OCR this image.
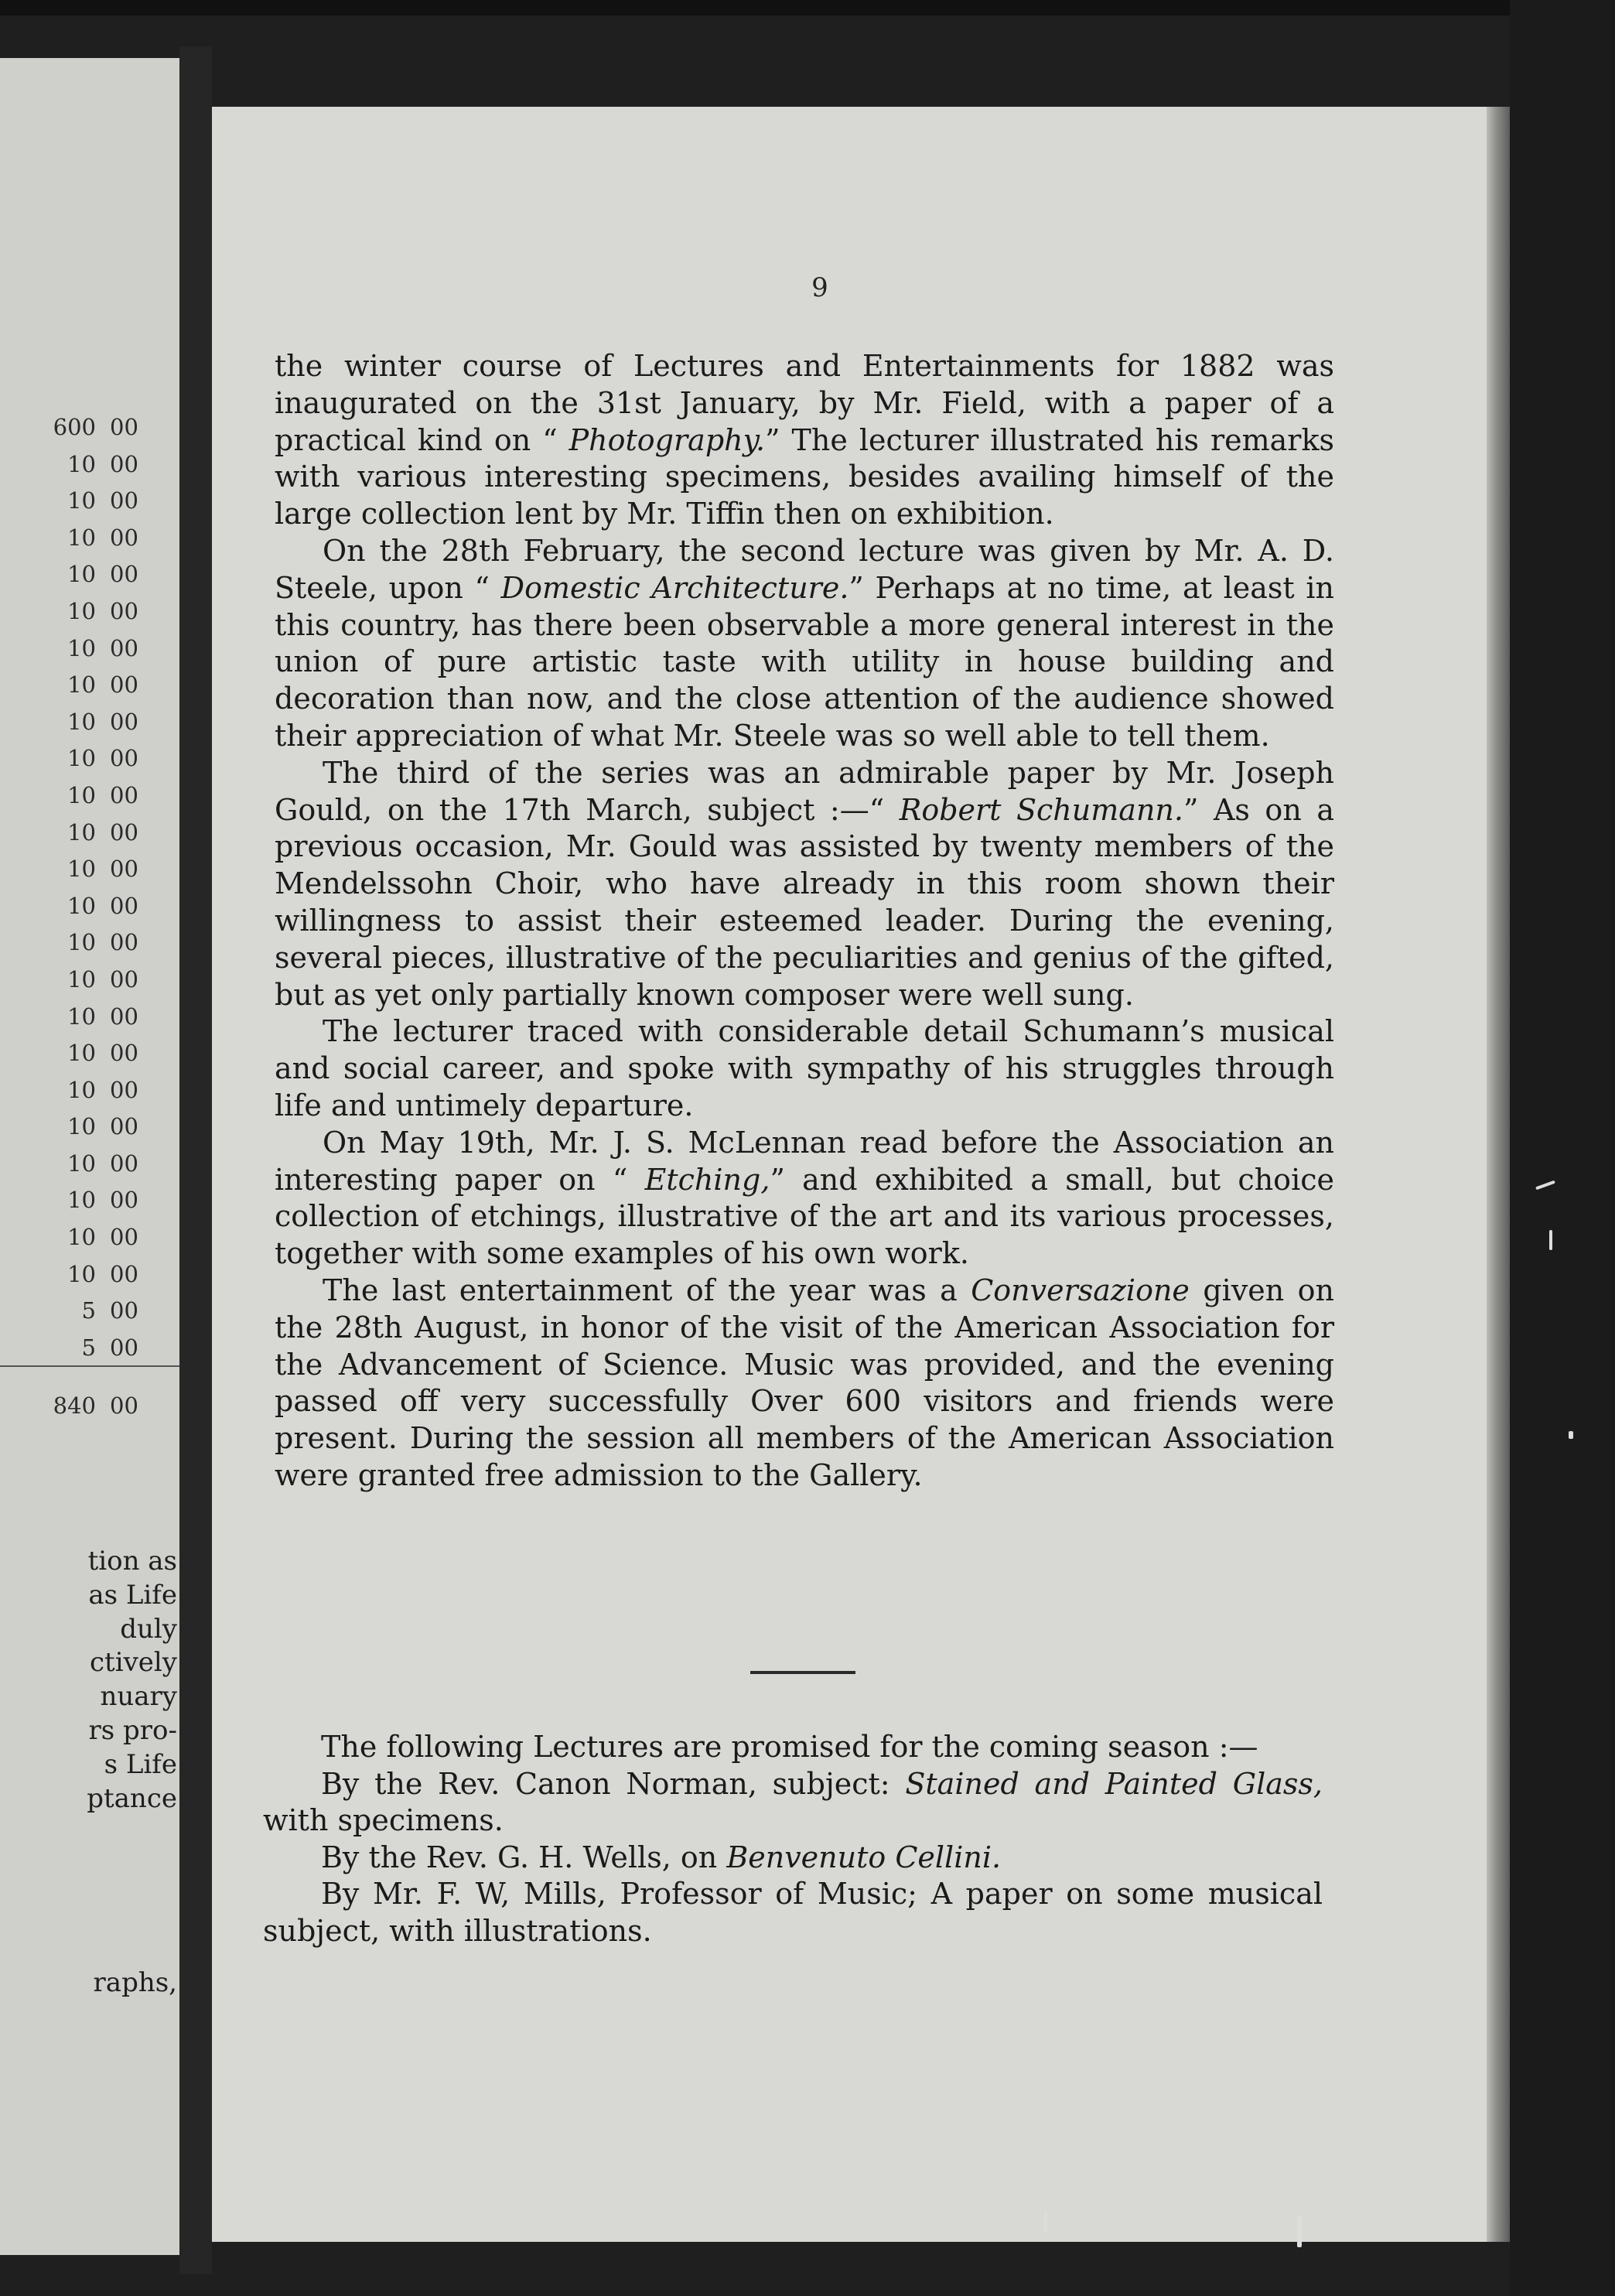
600 00
10 00
10 00
10 00
10 00
10 00
10 00
10 00
10 00
10 00
10 00
10 00
10 00
10 00
10 00
10 00
10 00
10 00
10 00
10 00
10 00
10 00
10 00
10 00
5 00
5 00
840 00
tion as
as Life
duly
ctively
nuary
rs pro-
s Life
ptance
raphs,
9

the winter course of Lectures and Entertainments for 1882 was inaugurated on the 31st January, by Mr. Field, with a paper of a practical kind on “ Photography.” The lecturer illustrated his remarks with various interesting specimens, besides availing himself of the large collection lent by Mr. Tiffin then on exhibition.

On the 28th February, the second lecture was given by Mr. A. D. Steele, upon “ Domestic Architecture.” Perhaps at no time, at least in this country, has there been observable a more general interest in the union of pure artistic taste with utility in house building and decoration than now, and the close attention of the audience showed their appreciation of what Mr. Steele was so well able to tell them.

The third of the series was an admirable paper by Mr. Joseph Gould, on the 17th March, subject :—“ Robert Schumann.” As on a previous occasion, Mr. Gould was assisted by twenty members of the Mendelssohn Choir, who have already in this room shown their willingness to assist their esteemed leader. During the evening, several pieces, illustrative of the peculiarities and genius of the gifted, but as yet only partially known composer were well sung.

The lecturer traced with considerable detail Schumann’s musical and social career, and spoke with sympathy of his struggles through life and untimely departure.

On May 19th, Mr. J. S. McLennan read before the Association an interesting paper on “ Etching,” and exhibited a small, but choice collection of etchings, illustrative of the art and its various processes, together with some examples of his own work.

The last entertainment of the year was a Conversazione given on the 28th August, in honor of the visit of the American Association for the Advancement of Science. Music was provided, and the evening passed off very successfully Over 600 visitors and friends were present. During the session all members of the American Association were granted free admission to the Gallery.

The following Lectures are promised for the coming season :—

By the Rev. Canon Norman, subject: Stained and Painted Glass, with specimens.

By the Rev. G. H. Wells, on Benvenuto Cellini.

By Mr. F. W, Mills, Professor of Music; A paper on some musical subject, with illustrations.
